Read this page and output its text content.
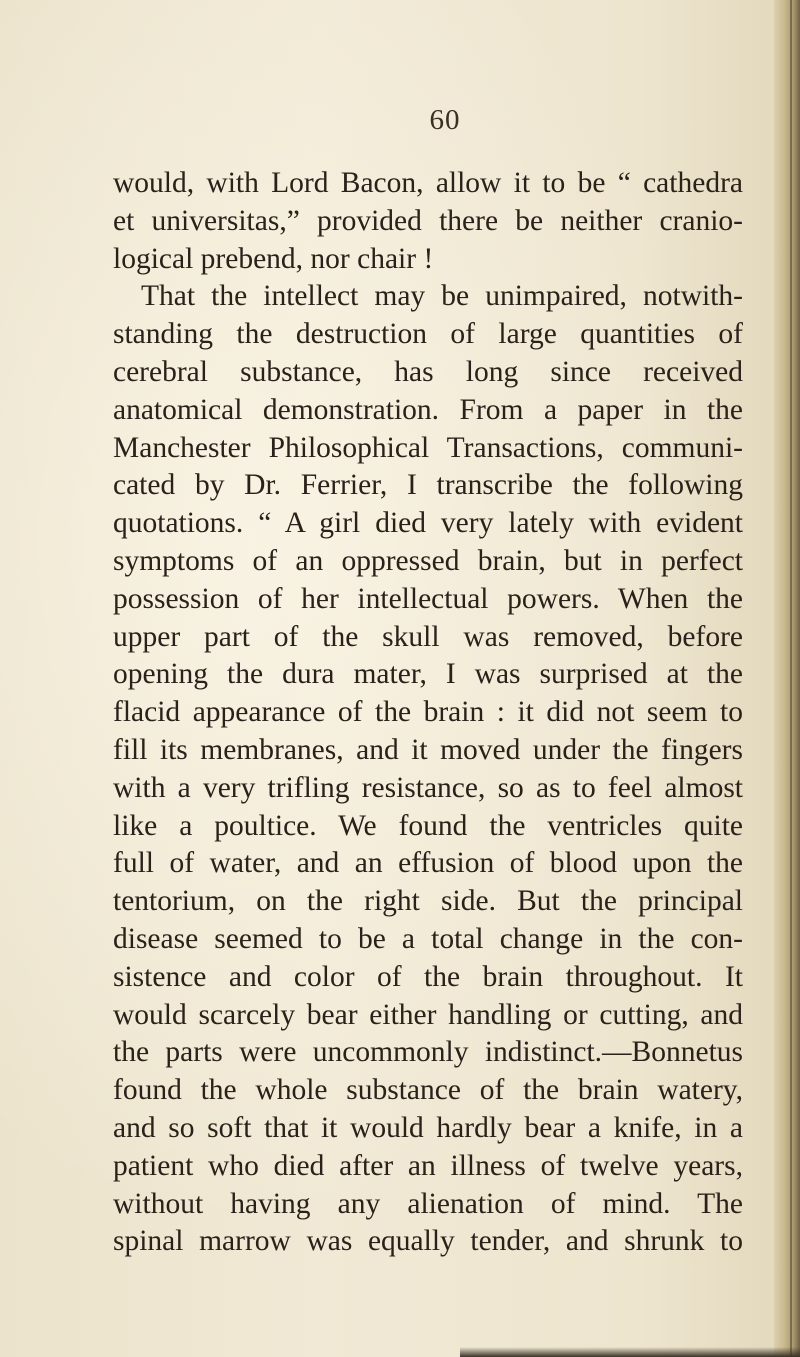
60
would, with Lord Bacon, allow it to be “ cathedra
et universitas,” provided there be neither cranio-
logical prebend, nor chair !
That the intellect may be unimpaired, notwith-
standing the destruction of large quantities of
cerebral substance, has long since received
anatomical demonstration. From a paper in the
Manchester Philosophical Transactions, communi-
cated by Dr. Ferrier, I transcribe the following
quotations. “ A girl died very lately with evident
symptoms of an oppressed brain, but in perfect
possession of her intellectual powers. When the
upper part of the skull was removed, before
opening the dura mater, I was surprised at the
flacid appearance of the brain : it did not seem to
fill its membranes, and it moved under the fingers
with a very trifling resistance, so as to feel almost
like a poultice. We found the ventricles quite
full of water, and an effusion of blood upon the
tentorium, on the right side. But the principal
disease seemed to be a total change in the con-
sistence and color of the brain throughout. It
would scarcely bear either handling or cutting, and
the parts were uncommonly indistinct.—Bonnetus
found the whole substance of the brain watery,
and so soft that it would hardly bear a knife, in a
patient who died after an illness of twelve years,
without having any alienation of mind. The
spinal marrow was equally tender, and shrunk to
